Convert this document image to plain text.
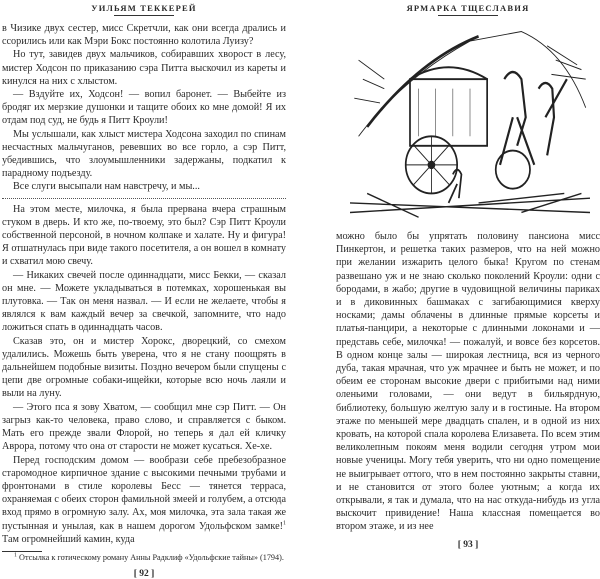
УИЛЬЯМ ТЕККЕРЕЙ

в Чизике двух сестер, мисс Скретчли, как они всегда дрались и ссорились или как Мэри Бокс постоянно колотила Луизу?

Но тут, завидев двух мальчиков, собиравших хворост в лесу, мистер Ходсон по приказанию сэра Питта выскочил из кареты и кинулся на них с хлыстом.

— Вздуйте их, Ходсон! — вопил баронет. — Выбейте из бродяг их мерзкие душонки и тащите обоих ко мне домой! Я их отдам под суд, не будь я Питт Кроули!

Мы услышали, как хлыст мистера Ходсона заходил по спинам несчастных мальчуганов, ревевших во все горло, а сэр Питт, убедившись, что злоумышленники задержаны, подкатил к парадному подъезду.

Все слуги высыпали нам навстречу, и мы...

На этом месте, милочка, я была прервана вчера страшным стуком в дверь. И кто же, по-твоему, это был? Сэр Питт Кроули собственной персоной, в ночном колпаке и халате. Ну и фигура! Я отшатнулась при виде такого посетителя, а он вошел в комнату и схватил мою свечу.

— Никаких свечей после одиннадцати, мисс Бекки, — сказал он мне. — Можете укладываться в потемках, хорошенькая вы плутовка. — Так он меня назвал. — И если не желаете, чтобы я являлся к вам каждый вечер за свечкой, запомните, что надо ложиться спать в одиннадцать часов.

Сказав это, он и мистер Хорокс, дворецкий, со смехом удалились. Можешь быть уверена, что я не стану поощрять в дальнейшем подобные визиты. Поздно вечером были спущены с цепи две огромные собаки-ищейки, которые всю ночь лаяли и выли на луну.

— Этого пса я зову Хватом, — сообщил мне сэр Питт. — Он загрыз как-то человека, право слово, и справляется с быком. Мать его прежде звали Флорой, но теперь я дал ей кличку Аврора, потому что она от старости не может кусаться. Хе-хе.

Перед господским домом — вообрази себе пребезобразное старомодное кирпичное здание с высокими печными трубами и фронтонами в стиле королевы Бесс — тянется терраса, охраняемая с обеих сторон фамильной змеей и голубем, а отсюда вход прямо в огромную залу. Ах, моя милочка, эта зала такая же пустынная и унылая, как в нашем дорогом Удольфском замке!$^1$ Там огромнейший камин, куда

$^1$ Отсылка к готическому роману Анны Радклиф «Удольфские тайны» (1794).
[ 92 ]
ЯРМАРКА ТЩЕСЛАВИЯ

можно было бы упрятать половину пансиона мисс Пинкертон, и решетка таких размеров, что на ней можно при желании изжарить целого быка! Кругом по стенам развешано уж и не знаю сколько поколений Кроули: одни с бородами, в жабо; другие в чудовищной величины париках и в диковинных башмаках с загибающимися кверху носками; дамы облачены в длинные прямые корсеты и платья-панцири, а некоторые с длинными локонами и — представь себе, милочка! — пожалуй, и вовсе без корсетов. В одном конце залы — широкая лестница, вся из черного дуба, такая мрачная, что уж мрачнее и быть не может, и по обеим ее сторонам высокие двери с прибитыми над ними оленьими головами, — они ведут в бильярдную, библиотеку, большую желтую залу и в гостиные. На втором этаже по меньшей мере двадцать спален, и в одной из них кровать, на которой спала королева Елизавета. По всем этим великолепным покоям меня водили сегодня утром мои новые ученицы. Могу тебя уверить, что ни одно помещение не выигрывает оттого, что в нем постоянно закрыты ставни, и не становится от этого более уютным; а когда их открывали, я так и думала, что на нас откуда-нибудь из угла выскочит привидение! Наша классная помещается во втором этаже, и из нее

[ 93 ]
